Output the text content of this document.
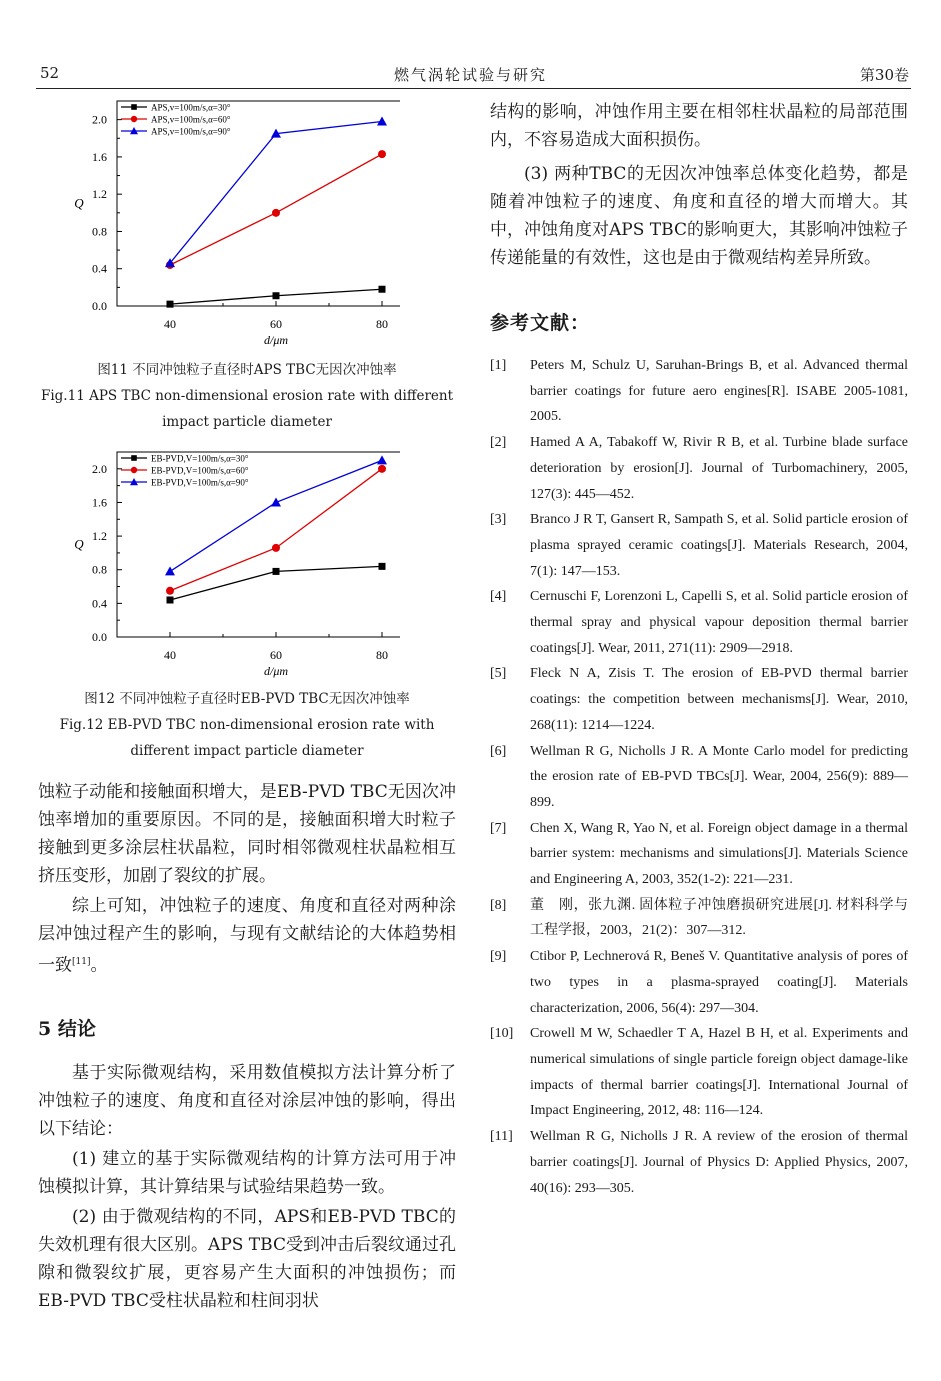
52	燃气涡轮试验与研究	第30卷
0.0
0.4
0.8
1.2
1.6
2.0
40	60	80
d/μm
Q
APS,v=100m/s,α=30°
APS,v=100m/s,α=60°
APS,v=100m/s,α=90°
图11 不同冲蚀粒子直径时APS TBC无因次冲蚀率
Fig.11 APS TBC non-dimensional erosion rate with different
impact particle diameter
0.0
0.4
0.8
1.2
1.6
2.0
40	60	80
d/μm
Q
EB-PVD,V=100m/s,α=30°
EB-PVD,V=100m/s,α=60°
EB-PVD,V=100m/s,α=90°
图12 不同冲蚀粒子直径时EB-PVD TBC无因次冲蚀率
Fig.12 EB-PVD TBC non-dimensional erosion rate with
different impact particle diameter

蚀粒子动能和接触面积增大，是EB-PVD TBC无因次冲蚀率增加的重要原因。不同的是，接触面积增大时粒子接触到更多涂层柱状晶粒，同时相邻微观柱状晶粒相互挤压变形，加剧了裂纹的扩展。

综上可知，冲蚀粒子的速度、角度和直径对两种涂层冲蚀过程产生的影响，与现有文献结论的大体趋势相一致[11]。

5 结论

基于实际微观结构，采用数值模拟方法计算分析了冲蚀粒子的速度、角度和直径对涂层冲蚀的影响，得出以下结论：

(1) 建立的基于实际微观结构的计算方法可用于冲蚀模拟计算，其计算结果与试验结果趋势一致。

(2) 由于微观结构的不同，APS和EB-PVD TBC的失效机理有很大区别。APS TBC受到冲击后裂纹通过孔隙和微裂纹扩展，更容易产生大面积的冲蚀损伤；而EB-PVD TBC受柱状晶粒和柱间羽状

结构的影响，冲蚀作用主要在相邻柱状晶粒的局部范围内，不容易造成大面积损伤。

(3) 两种TBC的无因次冲蚀率总体变化趋势，都是随着冲蚀粒子的速度、角度和直径的增大而增大。其中，冲蚀角度对APS TBC的影响更大，其影响冲蚀粒子传递能量的有效性，这也是由于微观结构差异所致。

参考文献：
[1]	Peters M, Schulz U, Saruhan-Brings B, et al. Advanced thermal barrier coatings for future aero engines[R]. ISABE 2005-1081, 2005.
[2]	Hamed A A, Tabakoff W, Rivir R B, et al. Turbine blade surface deterioration by erosion[J]. Journal of Turbomachinery, 2005, 127(3): 445—452.
[3]	Branco J R T, Gansert R, Sampath S, et al. Solid particle erosion of plasma sprayed ceramic coatings[J]. Materials Research, 2004, 7(1): 147—153.
[4]	Cernuschi F, Lorenzoni L, Capelli S, et al. Solid particle erosion of thermal spray and physical vapour deposition thermal barrier coatings[J]. Wear, 2011, 271(11): 2909—2918.
[5]	Fleck N A, Zisis T. The erosion of EB-PVD thermal barrier coatings: the competition between mechanisms[J]. Wear, 2010, 268(11): 1214—1224.
[6]	Wellman R G, Nicholls J R. A Monte Carlo model for predicting the erosion rate of EB-PVD TBCs[J]. Wear, 2004, 256(9): 889—899.
[7]	Chen X, Wang R, Yao N, et al. Foreign object damage in a thermal barrier system: mechanisms and simulations[J]. Materials Science and Engineering A, 2003, 352(1-2): 221—231.
[8]	董　刚，张九渊. 固体粒子冲蚀磨损研究进展[J]. 材料科学与工程学报，2003，21(2)：307—312.
[9]	Ctibor P, Lechnerová R, Beneš V. Quantitative analysis of pores of two types in a plasma-sprayed coating[J]. Materials characterization, 2006, 56(4): 297—304.
[10]	Crowell M W, Schaedler T A, Hazel B H, et al. Experiments and numerical simulations of single particle foreign object damage-like impacts of thermal barrier coatings[J]. International Journal of Impact Engineering, 2012, 48: 116—124.
[11]	Wellman R G, Nicholls J R. A review of the erosion of thermal barrier coatings[J]. Journal of Physics D: Applied Physics, 2007, 40(16): 293—305.
